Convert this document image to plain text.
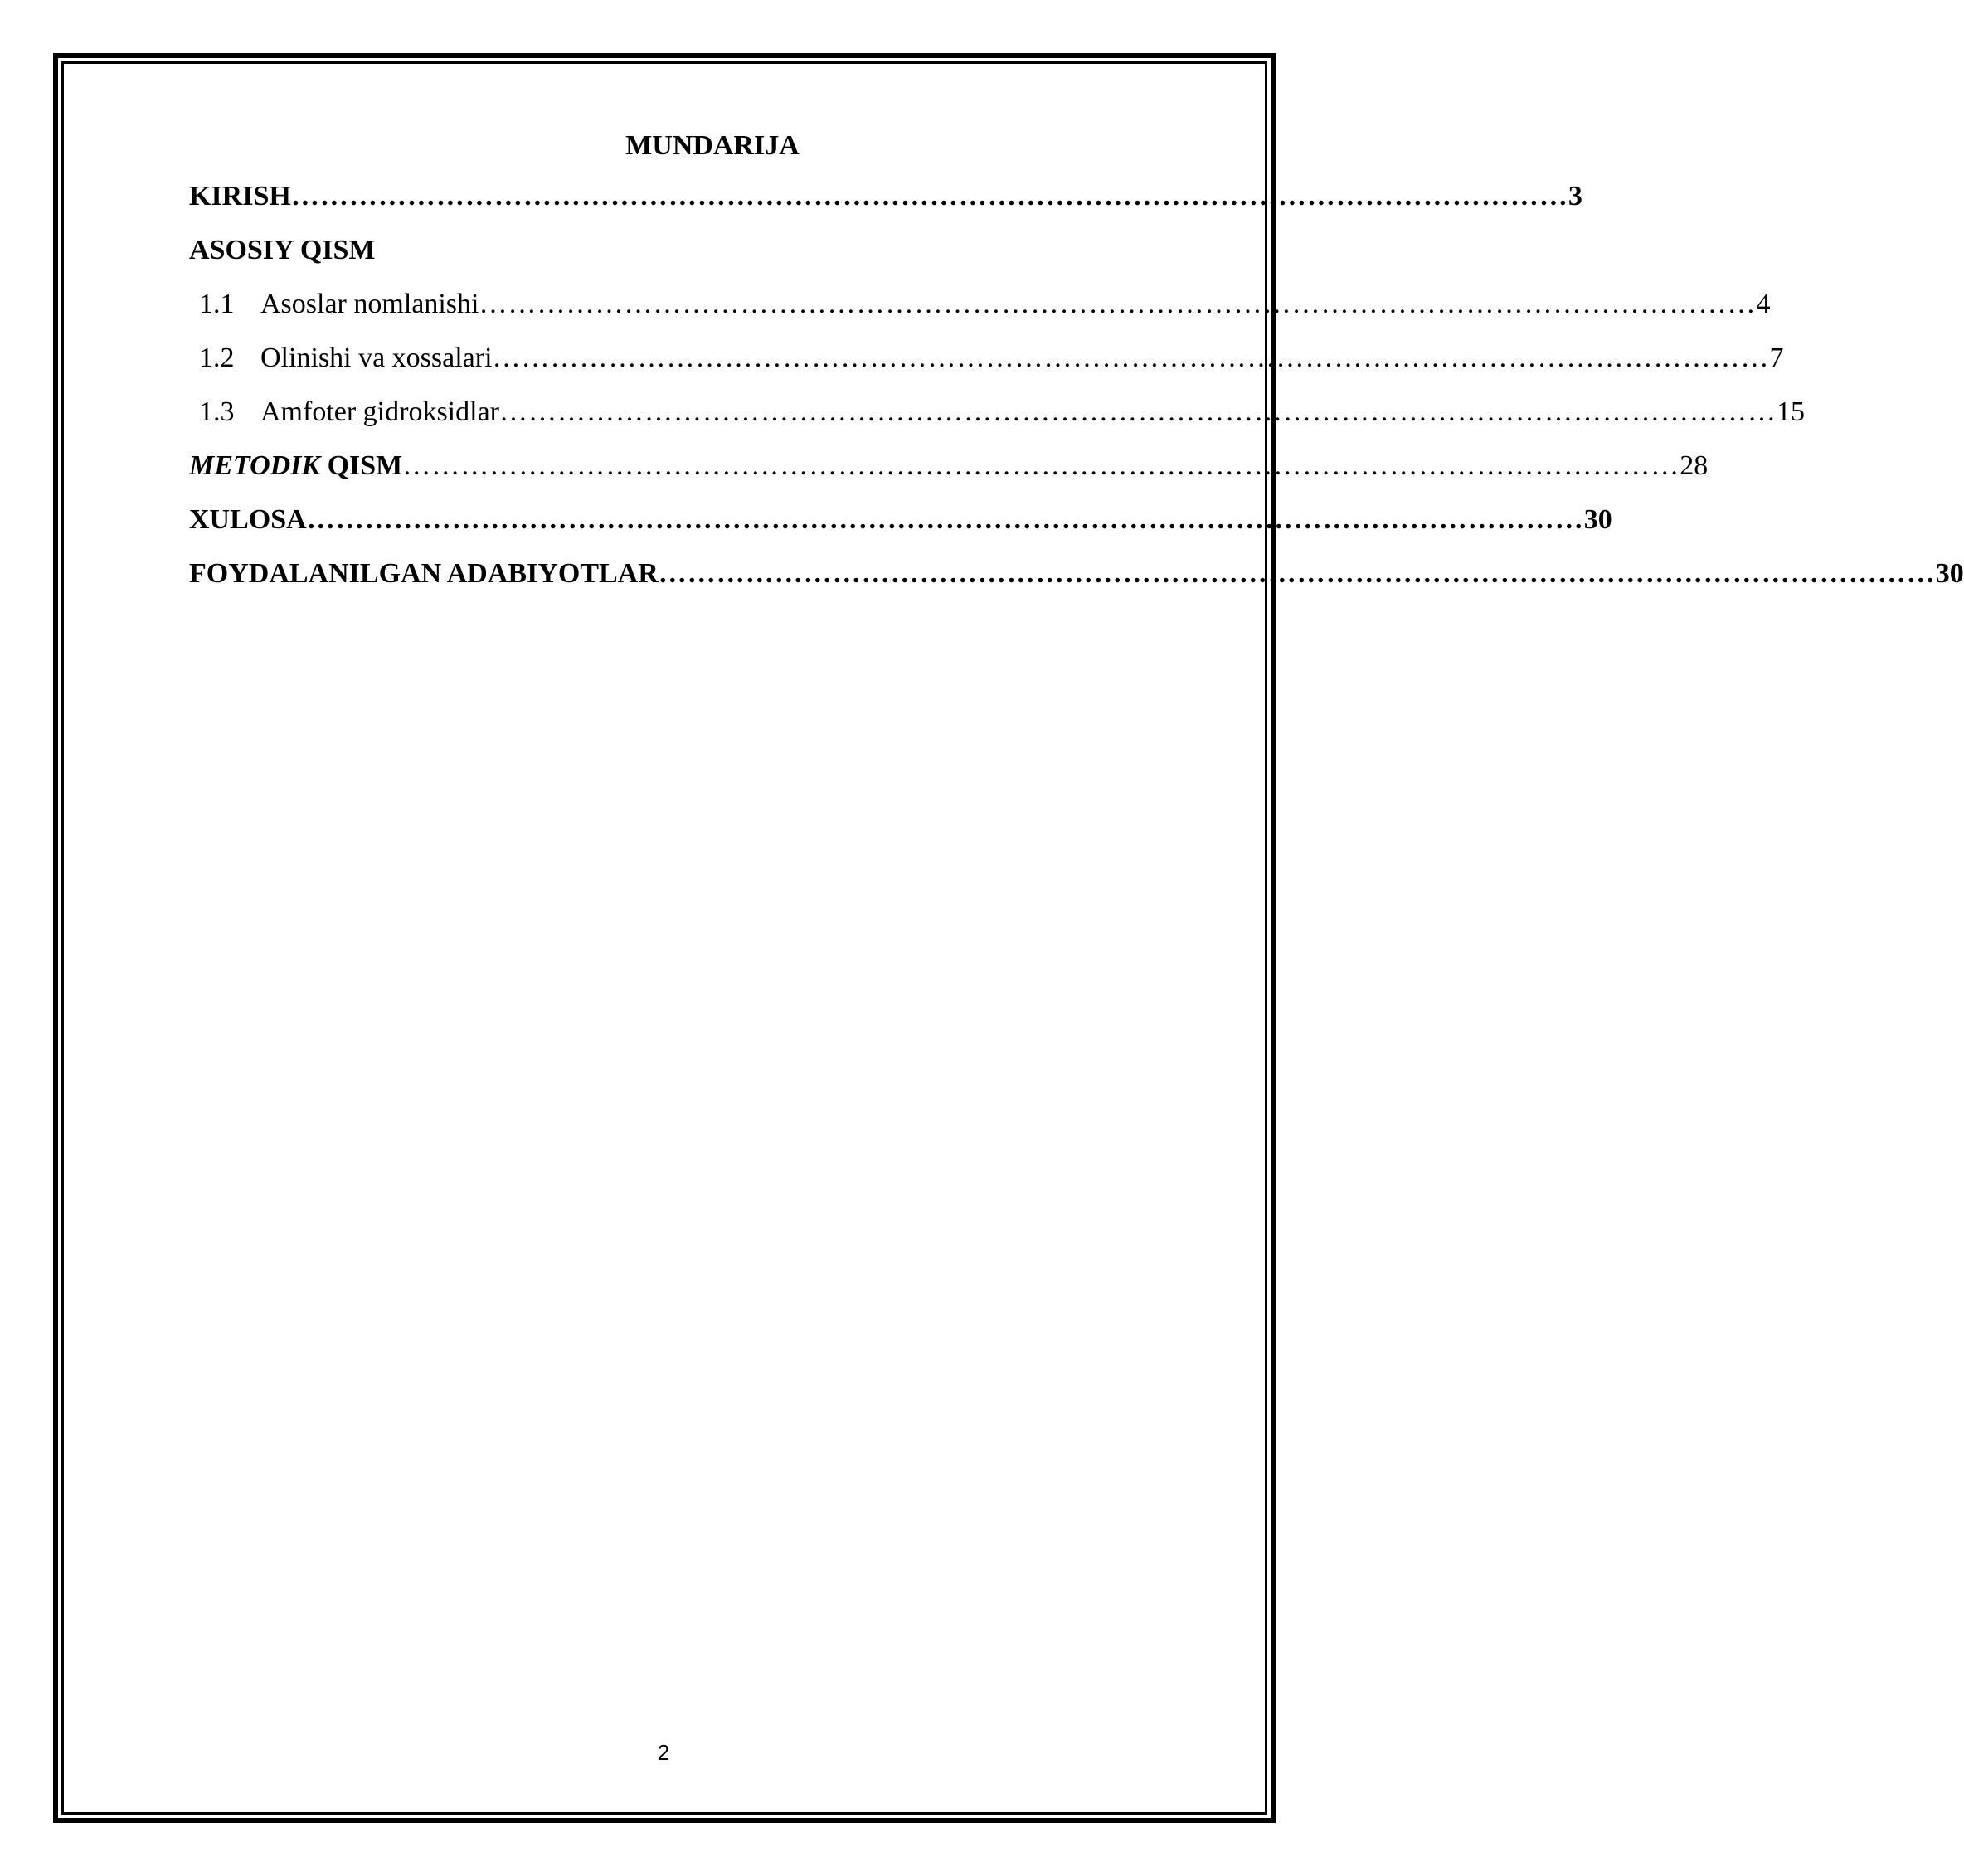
MUNDARIJA
KIRISH …………………………………………………………………………………………………………………… 3
ASOSIY QISM
1.1 Asoslar nomlanishi …………………………………………………………………………………………………………………… 4
1.2 Olinishi va xossalari …………………………………………………………………………………………………………………… 7
1.3 Amfoter gidroksidlar …………………………………………………………………………………………………………………… 15
METODIK QISM …………………………………………………………………………………………………………………… 28
XULOSA …………………………………………………………………………………………………………………… 30
FOYDALANILGAN ADABIYOTLAR …………………………………………………………………………………………………………………… 30
2
